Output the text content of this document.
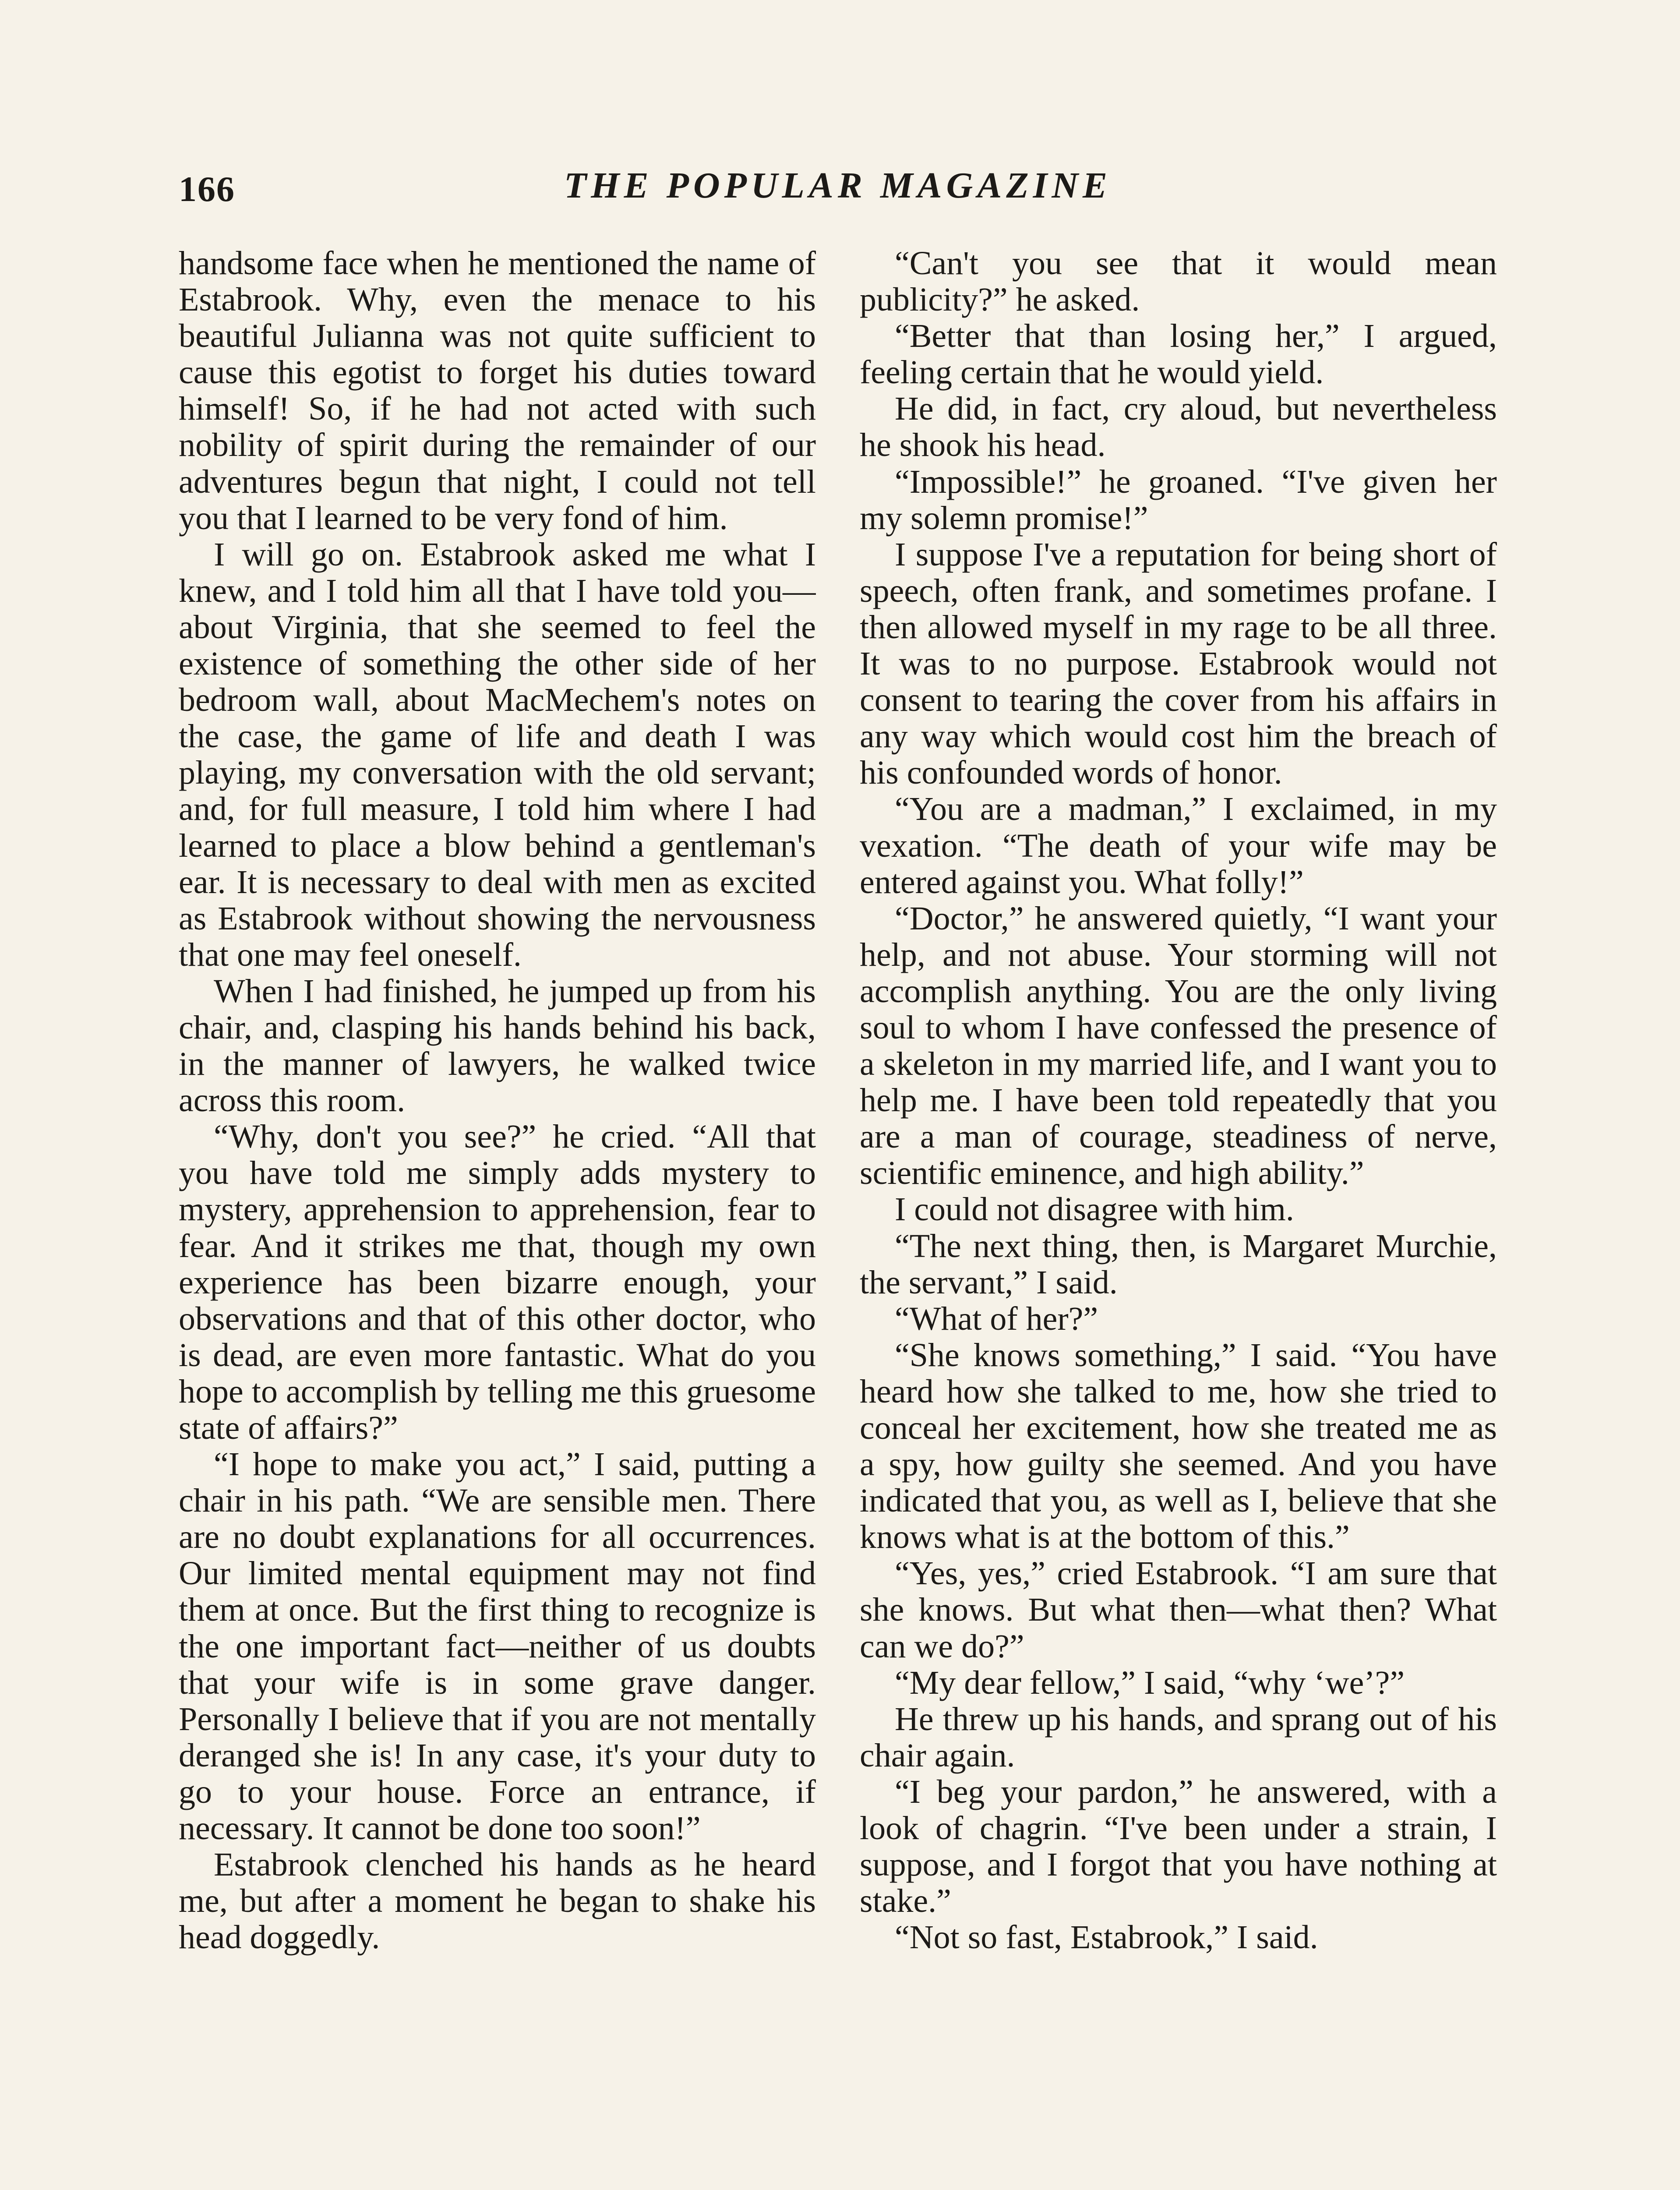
166	THE POPULAR MAGAZINE

handsome face when he mentioned the name of Estabrook. Why, even the menace to his beautiful Julianna was not quite sufficient to cause this egotist to forget his duties toward himself! So, if he had not acted with such nobility of spirit during the remainder of our adventures begun that night, I could not tell you that I learned to be very fond of him.

I will go on. Estabrook asked me what I knew, and I told him all that I have told you—about Virginia, that she seemed to feel the existence of something the other side of her bedroom wall, about MacMechem's notes on the case, the game of life and death I was playing, my conversation with the old servant; and, for full measure, I told him where I had learned to place a blow behind a gentleman's ear. It is necessary to deal with men as excited as Estabrook without showing the nervousness that one may feel oneself.

When I had finished, he jumped up from his chair, and, clasping his hands behind his back, in the manner of lawyers, he walked twice across this room.

“Why, don't you see?” he cried. “All that you have told me simply adds mystery to mystery, apprehension to apprehension, fear to fear. And it strikes me that, though my own experience has been bizarre enough, your observations and that of this other doctor, who is dead, are even more fantastic. What do you hope to accomplish by telling me this gruesome state of affairs?”

“I hope to make you act,” I said, putting a chair in his path. “We are sensible men. There are no doubt explanations for all occurrences. Our limited mental equipment may not find them at once. But the first thing to recognize is the one important fact—neither of us doubts that your wife is in some grave danger. Personally I believe that if you are not mentally deranged she is! In any case, it's your duty to go to your house. Force an entrance, if necessary. It cannot be done too soon!”

Estabrook clenched his hands as he heard me, but after a moment he began to shake his head doggedly.

“Can't you see that it would mean publicity?” he asked.

“Better that than losing her,” I argued, feeling certain that he would yield.

He did, in fact, cry aloud, but nevertheless he shook his head.

“Impossible!” he groaned. “I've given her my solemn promise!”

I suppose I've a reputation for being short of speech, often frank, and sometimes profane. I then allowed myself in my rage to be all three. It was to no purpose. Estabrook would not consent to tearing the cover from his affairs in any way which would cost him the breach of his confounded words of honor.

“You are a madman,” I exclaimed, in my vexation. “The death of your wife may be entered against you. What folly!”

“Doctor,” he answered quietly, “I want your help, and not abuse. Your storming will not accomplish anything. You are the only living soul to whom I have confessed the presence of a skeleton in my married life, and I want you to help me. I have been told repeatedly that you are a man of courage, steadiness of nerve, scientific eminence, and high ability.”

I could not disagree with him.

“The next thing, then, is Margaret Murchie, the servant,” I said.

“What of her?”

“She knows something,” I said. “You have heard how she talked to me, how she tried to conceal her excitement, how she treated me as a spy, how guilty she seemed. And you have indicated that you, as well as I, believe that she knows what is at the bottom of this.”

“Yes, yes,” cried Estabrook. “I am sure that she knows. But what then—what then? What can we do?”

“My dear fellow,” I said, “why ‘we’?”

He threw up his hands, and sprang out of his chair again.

“I beg your pardon,” he answered, with a look of chagrin. “I've been under a strain, I suppose, and I forgot that you have nothing at stake.”

“Not so fast, Estabrook,” I said.
